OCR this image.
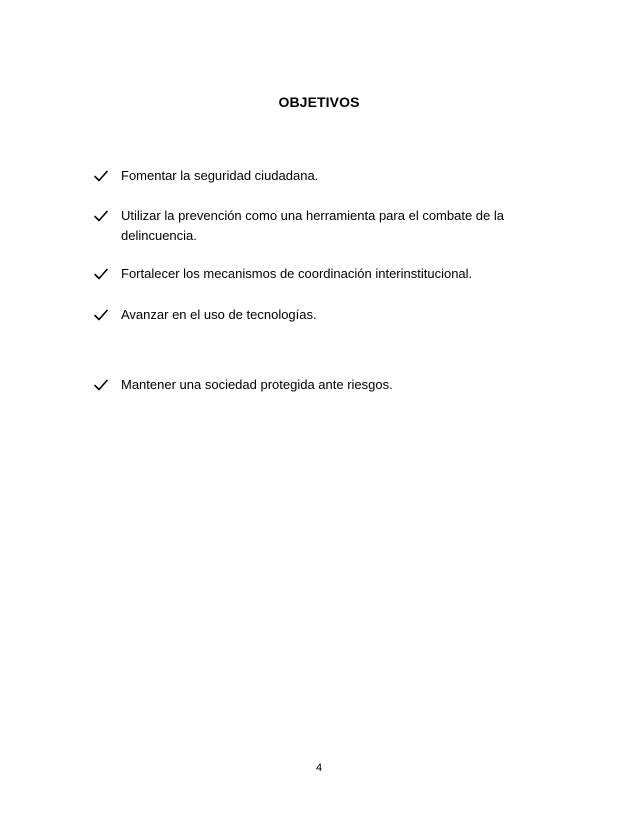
OBJETIVOS
Fomentar la seguridad ciudadana.
Utilizar la prevención como una herramienta para el combate de la delincuencia.
Fortalecer los mecanismos de coordinación interinstitucional.
Avanzar en el uso de tecnologías.
Mantener una sociedad protegida ante riesgos.
4
